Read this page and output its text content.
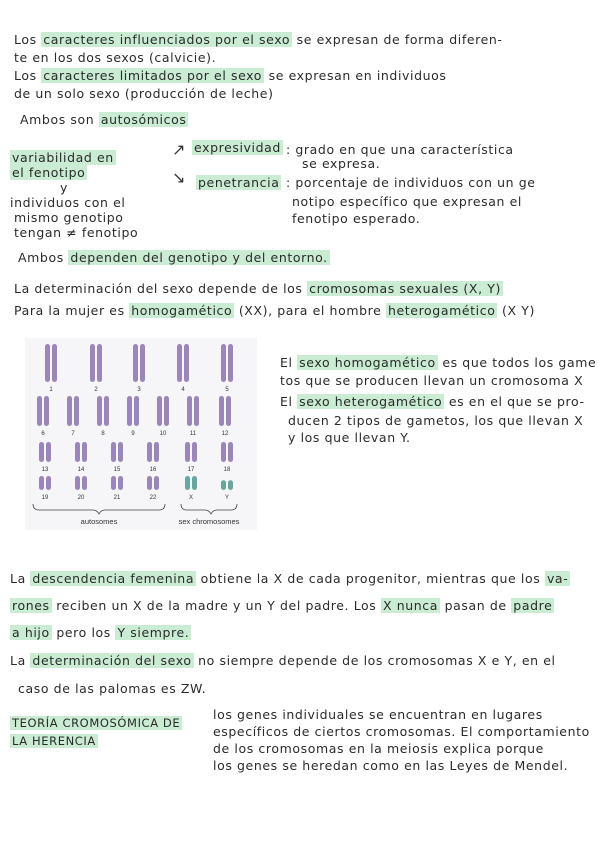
Los caracteres influenciados por el sexo se expresan de forma diferen-
te en los dos sexos (calvicie).
Los caracteres limitados por el sexo se expresan en individuos
de un solo sexo (producción de leche)
Ambos son autosómicos
variabilidad en
el fenotipo
y
individuos con el
mismo genotipo
tengan ≠ fenotipo
↗
↘
expresividad : grado en que una característica
se expresa.
penetrancia : porcentaje de individuos con un ge
notipo específico que expresan el
fenotipo esperado.
Ambos dependen del genotipo y del entorno.
La determinación del sexo depende de los cromosomas sexuales (X, Y)
Para la mujer es homogamético (XX), para el hombre heterogamético (X Y)
1	2	3	4	5
6	7	8	9	10	11	12
13	14	15	16	17	18
19	20	21	22	X	Y
autosomes	sex chromosomes
El sexo homogamético es que todos los game
tos que se producen llevan un cromosoma X
El sexo heterogamético es en el que se pro-
ducen 2 tipos de gametos, los que llevan X
y los que llevan Y.
La descendencia femenina obtiene la X de cada progenitor, mientras que los va-
rones reciben un X de la madre y un Y del padre. Los X nunca pasan de padre
a hijo pero los Y siempre.
La determinación del sexo no siempre depende de los cromosomas X e Y, en el
caso de las palomas es ZW.
TEORÍA CROMOSÓMICA DE
LA HERENCIA
los genes individuales se encuentran en lugares
específicos de ciertos cromosomas. El comportamiento
de los cromosomas en la meiosis explica porque
los genes se heredan como en las Leyes de Mendel.
